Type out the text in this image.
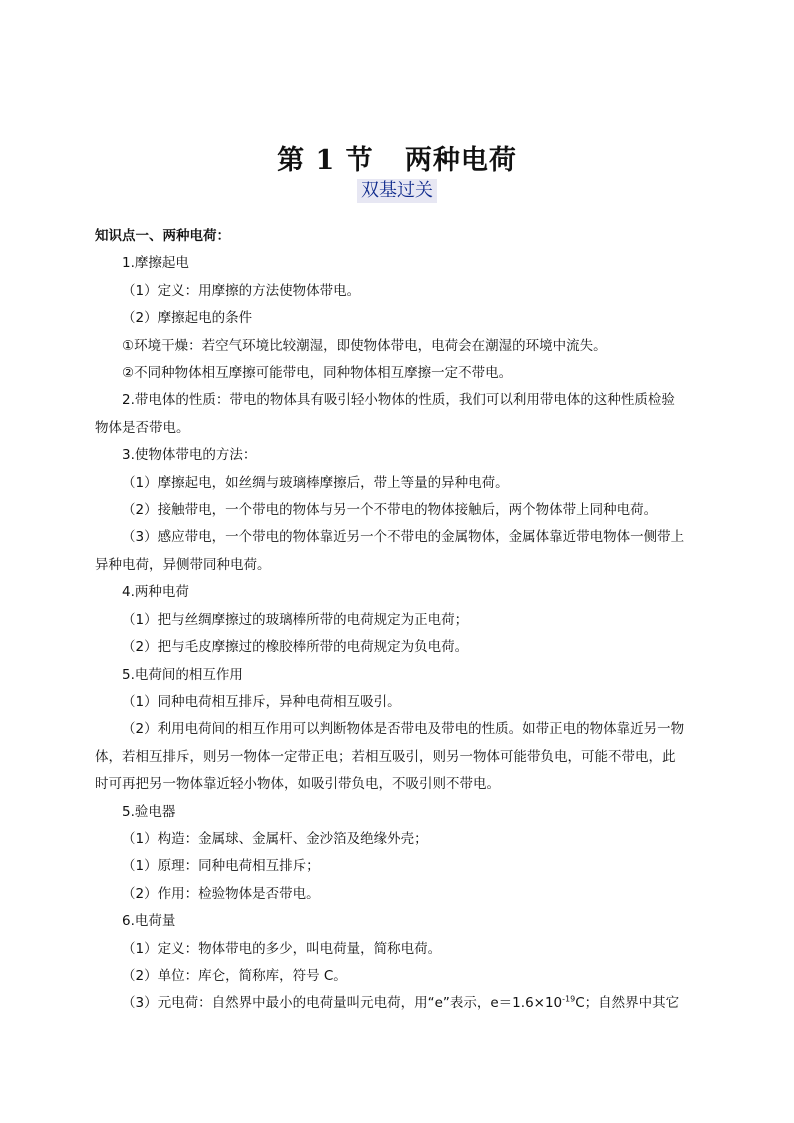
第 1 节   两种电荷
双基过关
知识点一、两种电荷：
1.摩擦起电
（1）定义：用摩擦的方法使物体带电。
（2）摩擦起电的条件
①环境干燥：若空气环境比较潮湿，即使物体带电，电荷会在潮湿的环境中流失。
②不同种物体相互摩擦可能带电，同种物体相互摩擦一定不带电。
2.带电体的性质：带电的物体具有吸引轻小物体的性质，我们可以利用带电体的这种性质检验
物体是否带电。
3.使物体带电的方法：
（1）摩擦起电，如丝绸与玻璃棒摩擦后，带上等量的异种电荷。
（2）接触带电，一个带电的物体与另一个不带电的物体接触后，两个物体带上同种电荷。
（3）感应带电，一个带电的物体靠近另一个不带电的金属物体，金属体靠近带电物体一侧带上
异种电荷，异侧带同种电荷。
4.两种电荷
（1）把与丝绸摩擦过的玻璃棒所带的电荷规定为正电荷；
（2）把与毛皮摩擦过的橡胶棒所带的电荷规定为负电荷。
5.电荷间的相互作用
（1）同种电荷相互排斥，异种电荷相互吸引。
（2）利用电荷间的相互作用可以判断物体是否带电及带电的性质。如带正电的物体靠近另一物
体，若相互排斥，则另一物体一定带正电；若相互吸引，则另一物体可能带负电，可能不带电，此
时可再把另一物体靠近轻小物体，如吸引带负电，不吸引则不带电。
5.验电器
（1）构造：金属球、金属杆、金沙箔及绝缘外壳；
（1）原理：同种电荷相互排斥；
（2）作用：检验物体是否带电。
6.电荷量
（1）定义：物体带电的多少，叫电荷量，简称电荷。
（2）单位：库仑，简称库，符号 C。
（3）元电荷：自然界中最小的电荷量叫元电荷，用“e”表示，$e=1.6\times 10^{-19}C$；自然界中其它
